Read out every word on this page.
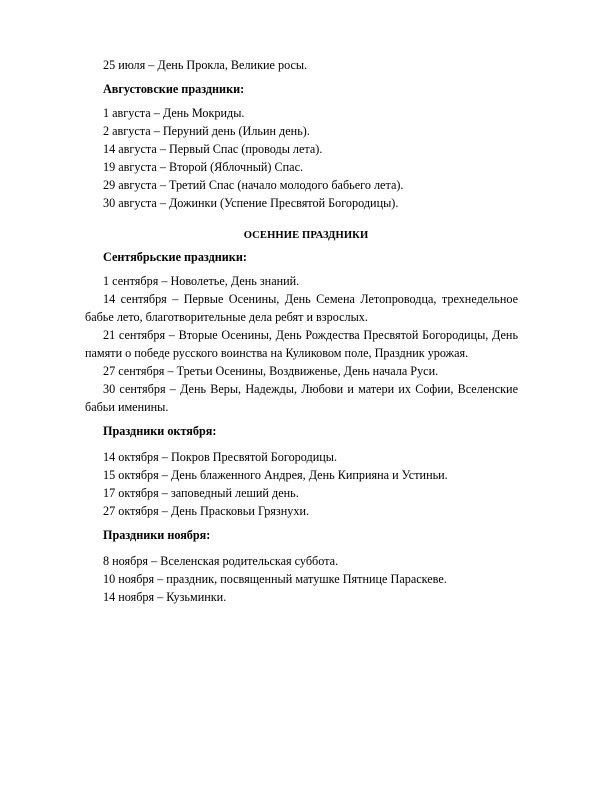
25 июля – День Прокла, Великие росы.
Августовские праздники:
1 августа – День Мокриды.
2 августа – Перуний день (Ильин день).
14 августа – Первый Спас (проводы лета).
19 августа – Второй (Яблочный) Спас.
29 августа – Третий Спас (начало молодого бабьего лета).
30 августа – Дожинки (Успение Пресвятой Богородицы).
ОСЕННИЕ ПРАЗДНИКИ
Сентябрьские праздники:
1 сентября – Новолетье, День знаний.
14 сентября – Первые Осенины, День Семена Летопроводца, трехнедельное
бабье лето, благотворительные дела ребят и взрослых.
21 сентября – Вторые Осенины, День Рождества Пресвятой Богородицы, День
памяти о победе русского воинства на Куликовом поле, Праздник урожая.
27 сентября – Третьи Осенины, Воздвиженье, День начала Руси.
30 сентября – День Веры, Надежды, Любови и матери их Софии, Вселенские
бабьи именины.
Праздники октября:
14 октября – Покров Пресвятой Богородицы.
15 октября – День блаженного Андрея, День Киприяна и Устиньи.
17 октября – заповедный леший день.
27 октября – День Прасковьи Грязнухи.
Праздники ноября:
8 ноября – Вселенская родительская суббота.
10 ноября – праздник, посвященный матушке Пятнице Параскеве.
14 ноября – Кузьминки.
